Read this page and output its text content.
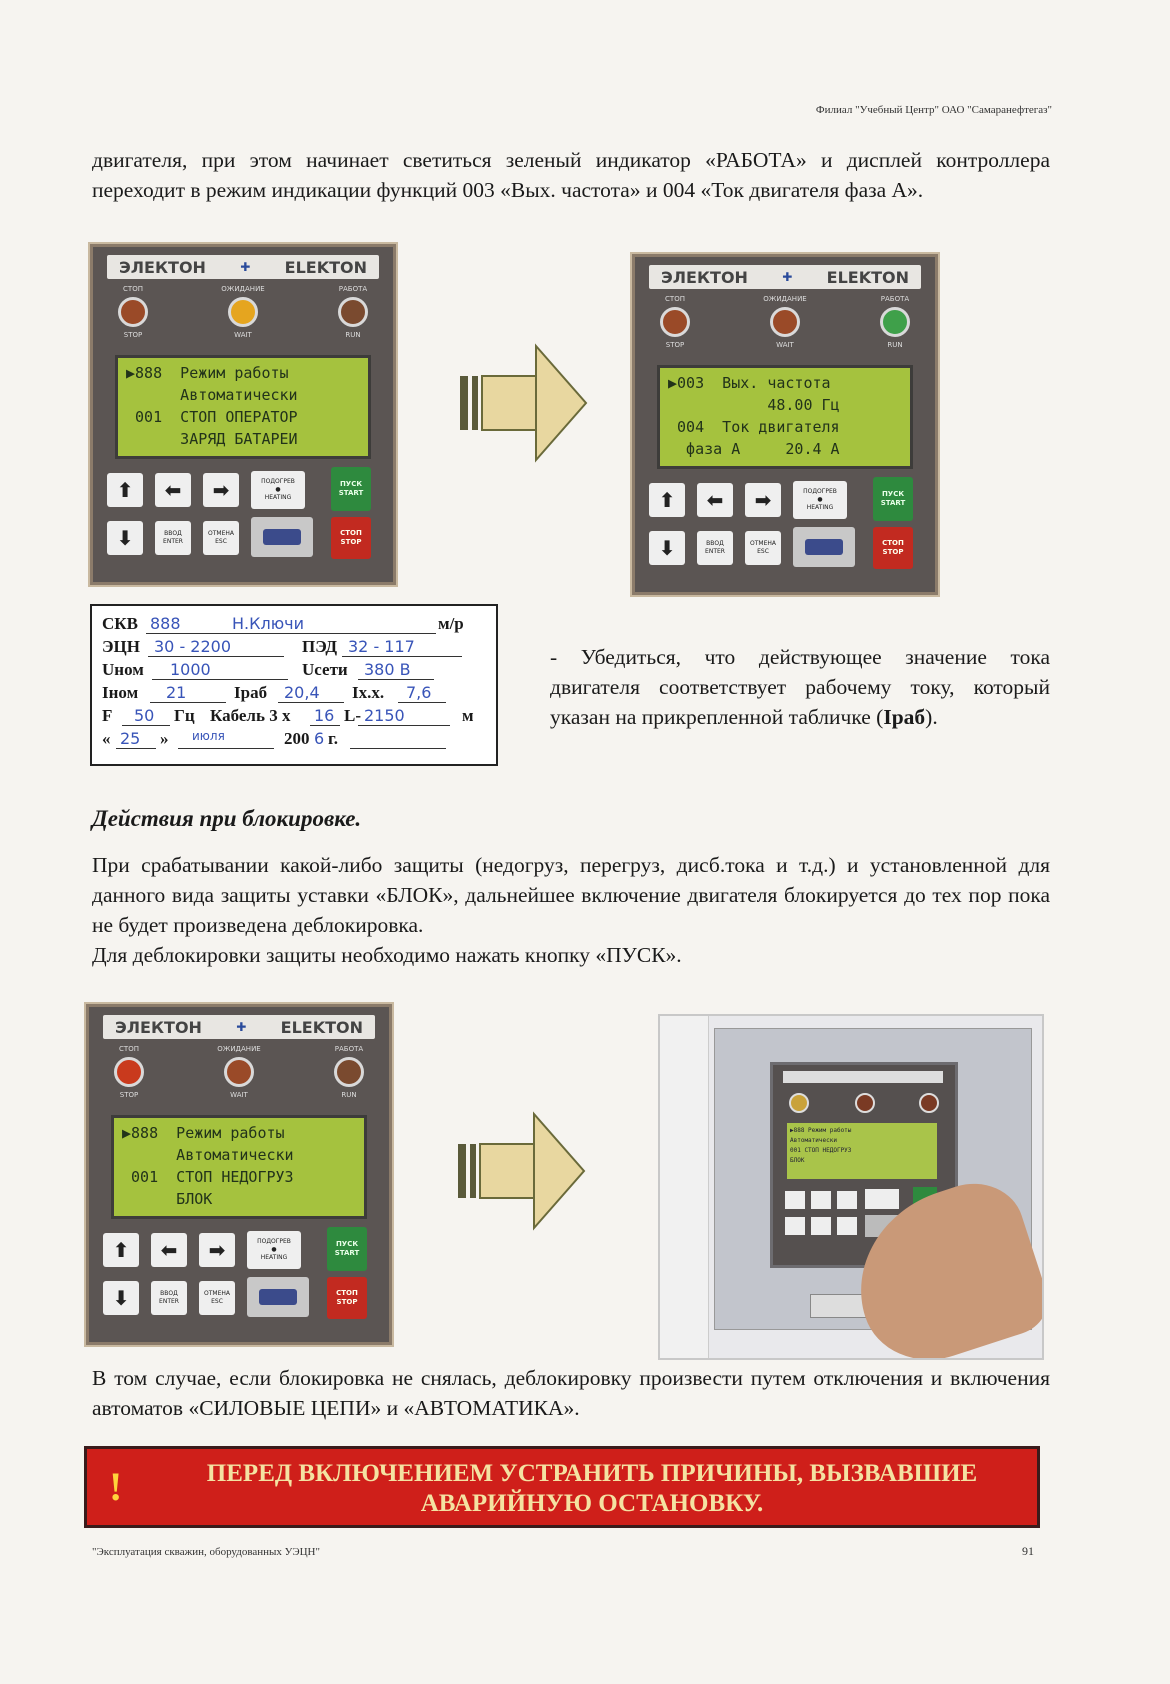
Филиал "Учебный Центр" ОАО "Самаранефтегаз"

двигателя, при этом начинает светиться зеленый индикатор «РАБОТА» и дисплей контроллера переходит в режим индикации функций 003 «Вых. частота» и 004 «Ток двигателя фаза А».

ЭЛЕКТОН	✚ ELEKTON
СТОП	ОЖИДАНИЕ	РАБОТА
STOP	WAIT	RUN
▶888  Режим работы
Автоматически
001  СТОП ОПЕРАТОР
ЗАРЯД БАТАРЕИ
⬆	⬅	➡	ПОДОГРЕВ
●
HEATING
ПУСК
START
⬇	ВВОД
ENTER
ОТМЕНА
ESC
СТОП
STOP
ЭЛЕКТОН	✚ ELEKTON
СТОП	ОЖИДАНИЕ	РАБОТА
STOP	WAIT	RUN
▶003  Вых. частота
48.00 Гц
004  Ток двигателя
фаза А     20.4 А
⬆	⬅	➡	ПОДОГРЕВ
●
HEATING
ПУСК
START
⬇	ВВОД
ENTER
ОТМЕНА
ESC
СТОП
STOP
СКВ 888	Н.Ключи	м/р
ЭЦН 30 - 2200	ПЭД 32 - 117
Uном 1000	Uсети 380 В
Iном 21	Iраб 20,4 Iх.х. 7,6
F 50 Гц Кабель 3 х 16 L- 2150	м
« 25 » июля	200 6 г.

- Убедиться, что действующее значение тока двигателя соответствует рабочему току, который указан на прикрепленной табличке (Iраб).

Действия при блокировке.

При срабатывании какой-либо защиты (недогруз, перегруз, дисб.тока и т.д.) и установленной для данного вида защиты уставки «БЛОК», дальнейшее включение двигателя блокируется до тех пор пока не будет произведена деблокировка.
Для деблокировки защиты необходимо нажать кнопку «ПУСК».

ЭЛЕКТОН	✚ ELEKTON
СТОП	ОЖИДАНИЕ	РАБОТА
STOP	WAIT	RUN
▶888  Режим работы
Автоматически
001  СТОП НЕДОГРУЗ
БЛОК
⬆	⬅	➡	ПОДОГРЕВ
●
HEATING
ПУСК
START
⬇	ВВОД
ENTER
ОТМЕНА
ESC
СТОП
STOP
▶888 Режим работы
Автоматически
001 СТОП НЕДОГРУЗ
БЛОК

В том случае, если блокировка не снялась, деблокировку произвести путем отключения и включения автоматов «СИЛОВЫЕ ЦЕПИ» и «АВТОМАТИКА».

!	ПЕРЕД ВКЛЮЧЕНИЕМ УСТРАНИТЬ ПРИЧИНЫ, ВЫЗВАВШИЕ АВАРИЙНУЮ ОСТАНОВКУ.
"Эксплуатация скважин, оборудованных УЭЦН"	91
